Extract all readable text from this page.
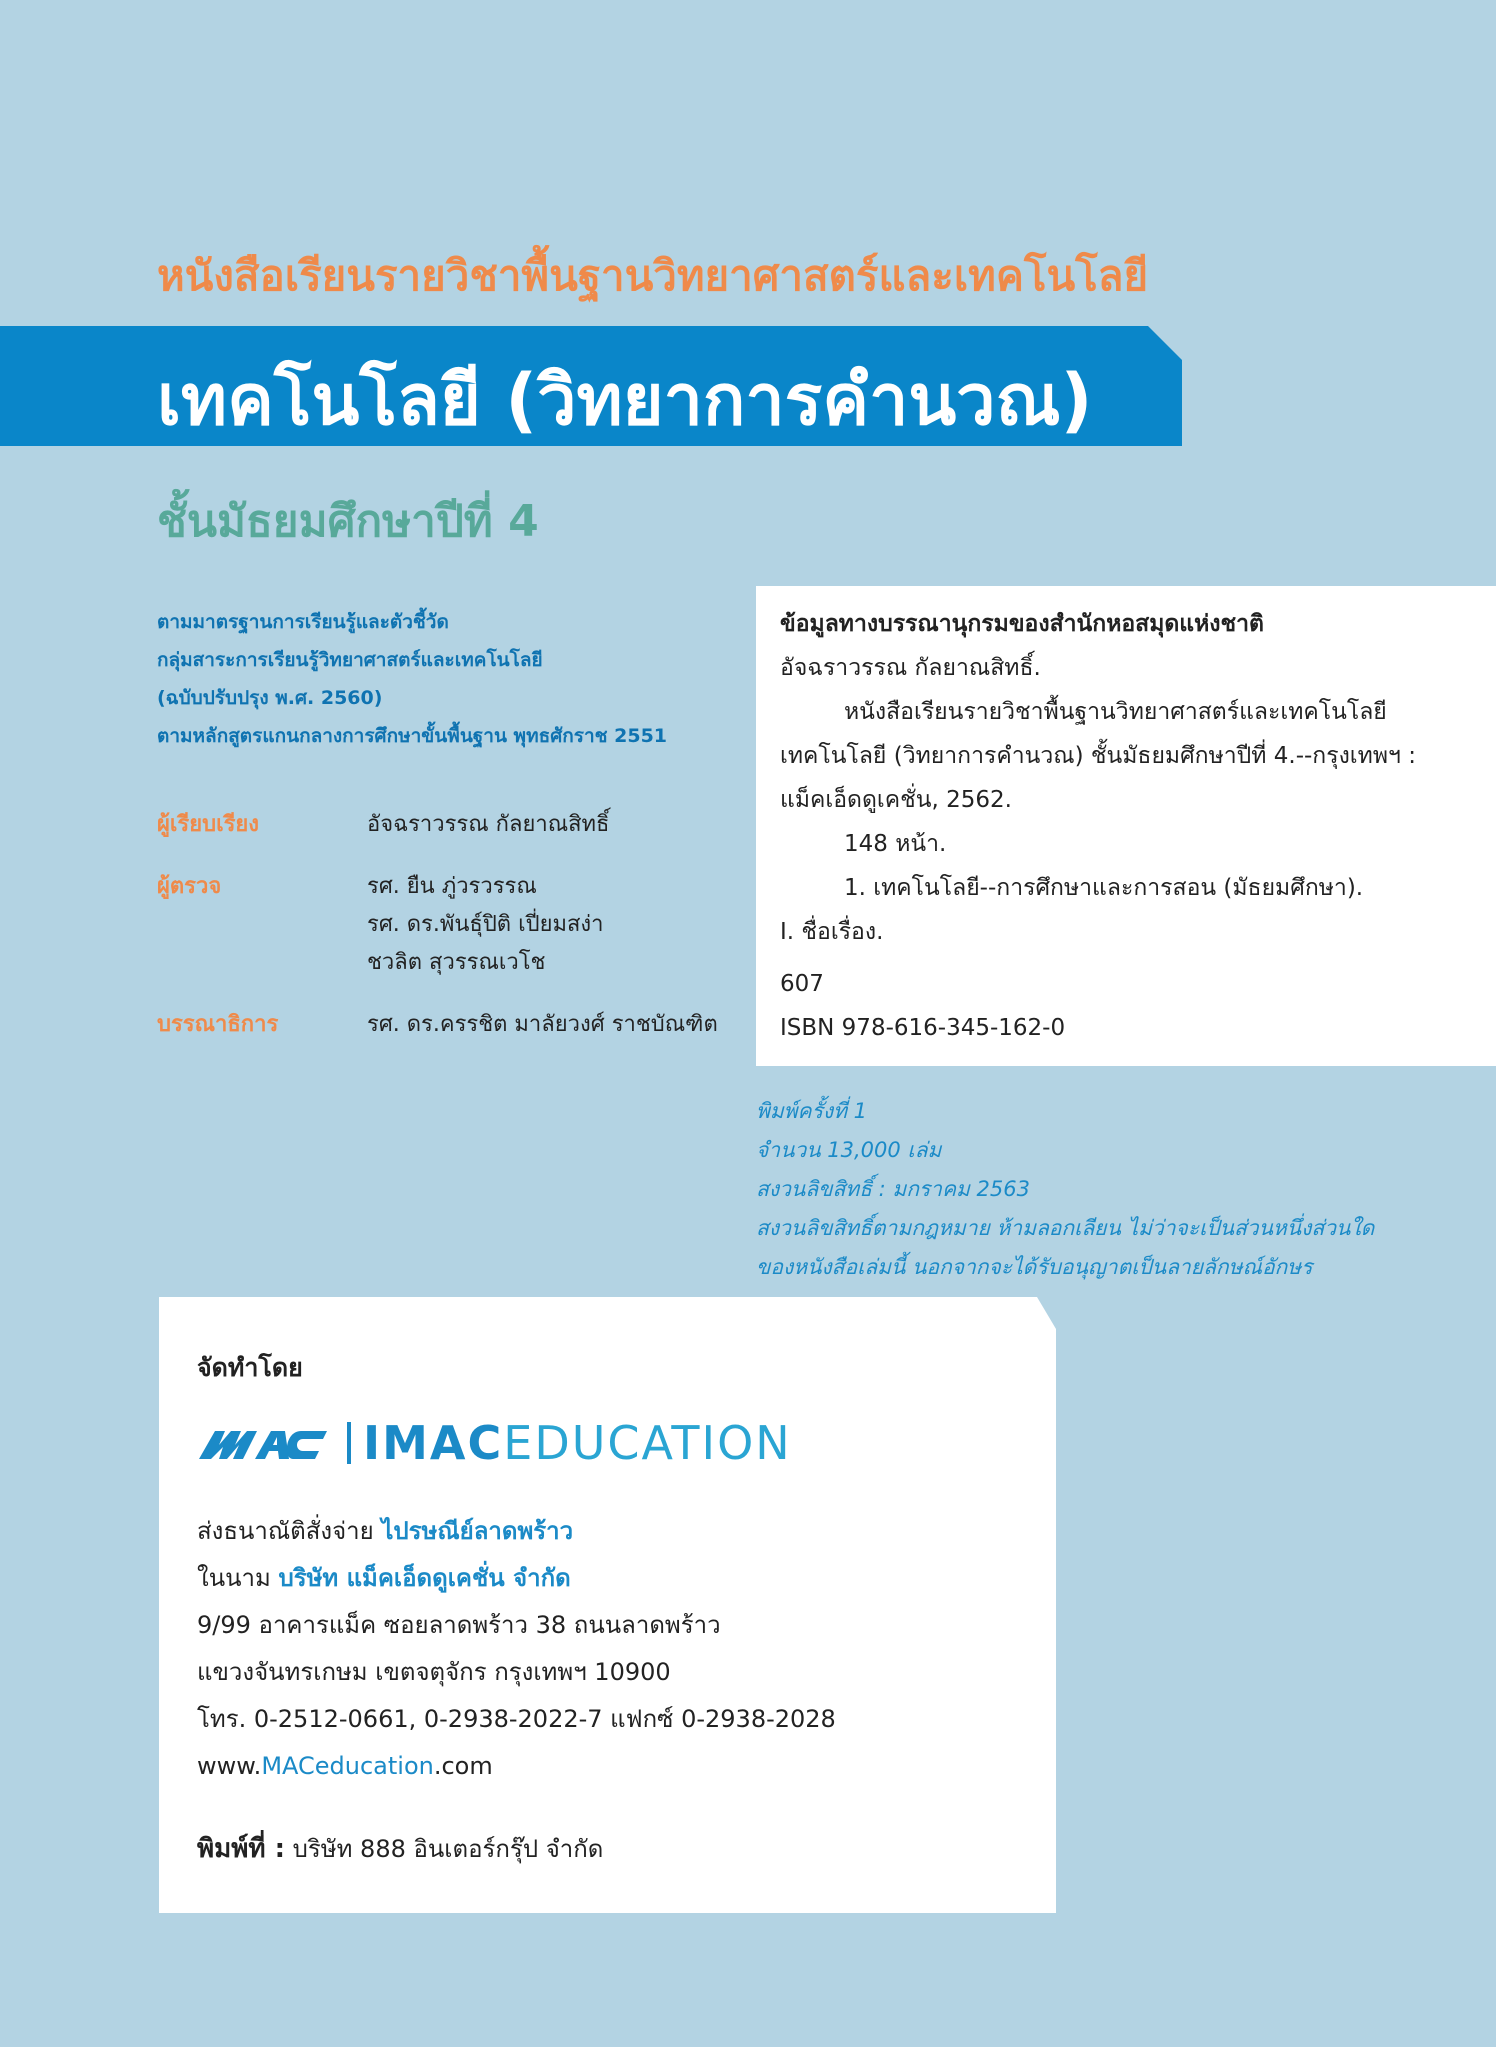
หนังสือเรียนรายวิชาพื้นฐานวิทยาศาสตร์และเทคโนโลยี
เทคโนโลยี (วิทยาการคำนวณ)
ชั้นมัธยมศึกษาปีที่ 4
ตามมาตรฐานการเรียนรู้และตัวชี้วัด
กลุ่มสาระการเรียนรู้วิทยาศาสตร์และเทคโนโลยี
(ฉบับปรับปรุง พ.ศ. 2560)
ตามหลักสูตรแกนกลางการศึกษาขั้นพื้นฐาน พุทธศักราช 2551
ผู้เรียบเรียง	อัจฉราวรรณ กัลยาณสิทธิ์
ผู้ตรวจ	รศ. ยืน ภู่วรวรรณ
รศ. ดร.พันธุ์ปิติ เปี่ยมสง่า
ชวลิต สุวรรณเวโช
บรรณาธิการ	รศ. ดร.ครรชิต มาลัยวงศ์ ราชบัณฑิต
ข้อมูลทางบรรณานุกรมของสำนักหอสมุดแห่งชาติ
อัจฉราวรรณ กัลยาณสิทธิ์.
หนังสือเรียนรายวิชาพื้นฐานวิทยาศาสตร์และเทคโนโลยี
เทคโนโลยี (วิทยาการคำนวณ) ชั้นมัธยมศึกษาปีที่ 4.--กรุงเทพฯ :
แม็คเอ็ดดูเคชั่น, 2562.
148 หน้า.
1. เทคโนโลยี--การศึกษาและการสอน (มัธยมศึกษา).
I. ชื่อเรื่อง.
607
ISBN 978-616-345-162-0
พิมพ์ครั้งที่ 1
จำนวน 13,000 เล่ม
สงวนลิขสิทธิ์ : มกราคม 2563
สงวนลิขสิทธิ์ตามกฎหมาย ห้ามลอกเลียน ไม่ว่าจะเป็นส่วนหนึ่งส่วนใด
ของหนังสือเล่มนี้ นอกจากจะได้รับอนุญาตเป็นลายลักษณ์อักษร
จัดทำโดย
IMACEDUCATION
ส่งธนาณัติสั่งจ่าย ไปรษณีย์ลาดพร้าว
ในนาม บริษัท แม็คเอ็ดดูเคชั่น จำกัด
9/99 อาคารแม็ค ซอยลาดพร้าว 38 ถนนลาดพร้าว
แขวงจันทรเกษม เขตจตุจักร กรุงเทพฯ 10900
โทร. 0-2512-0661, 0-2938-2022-7 แฟกซ์ 0-2938-2028
www.MACeducation.com
พิมพ์ที่ : บริษัท 888 อินเตอร์กรุ๊ป จำกัด
